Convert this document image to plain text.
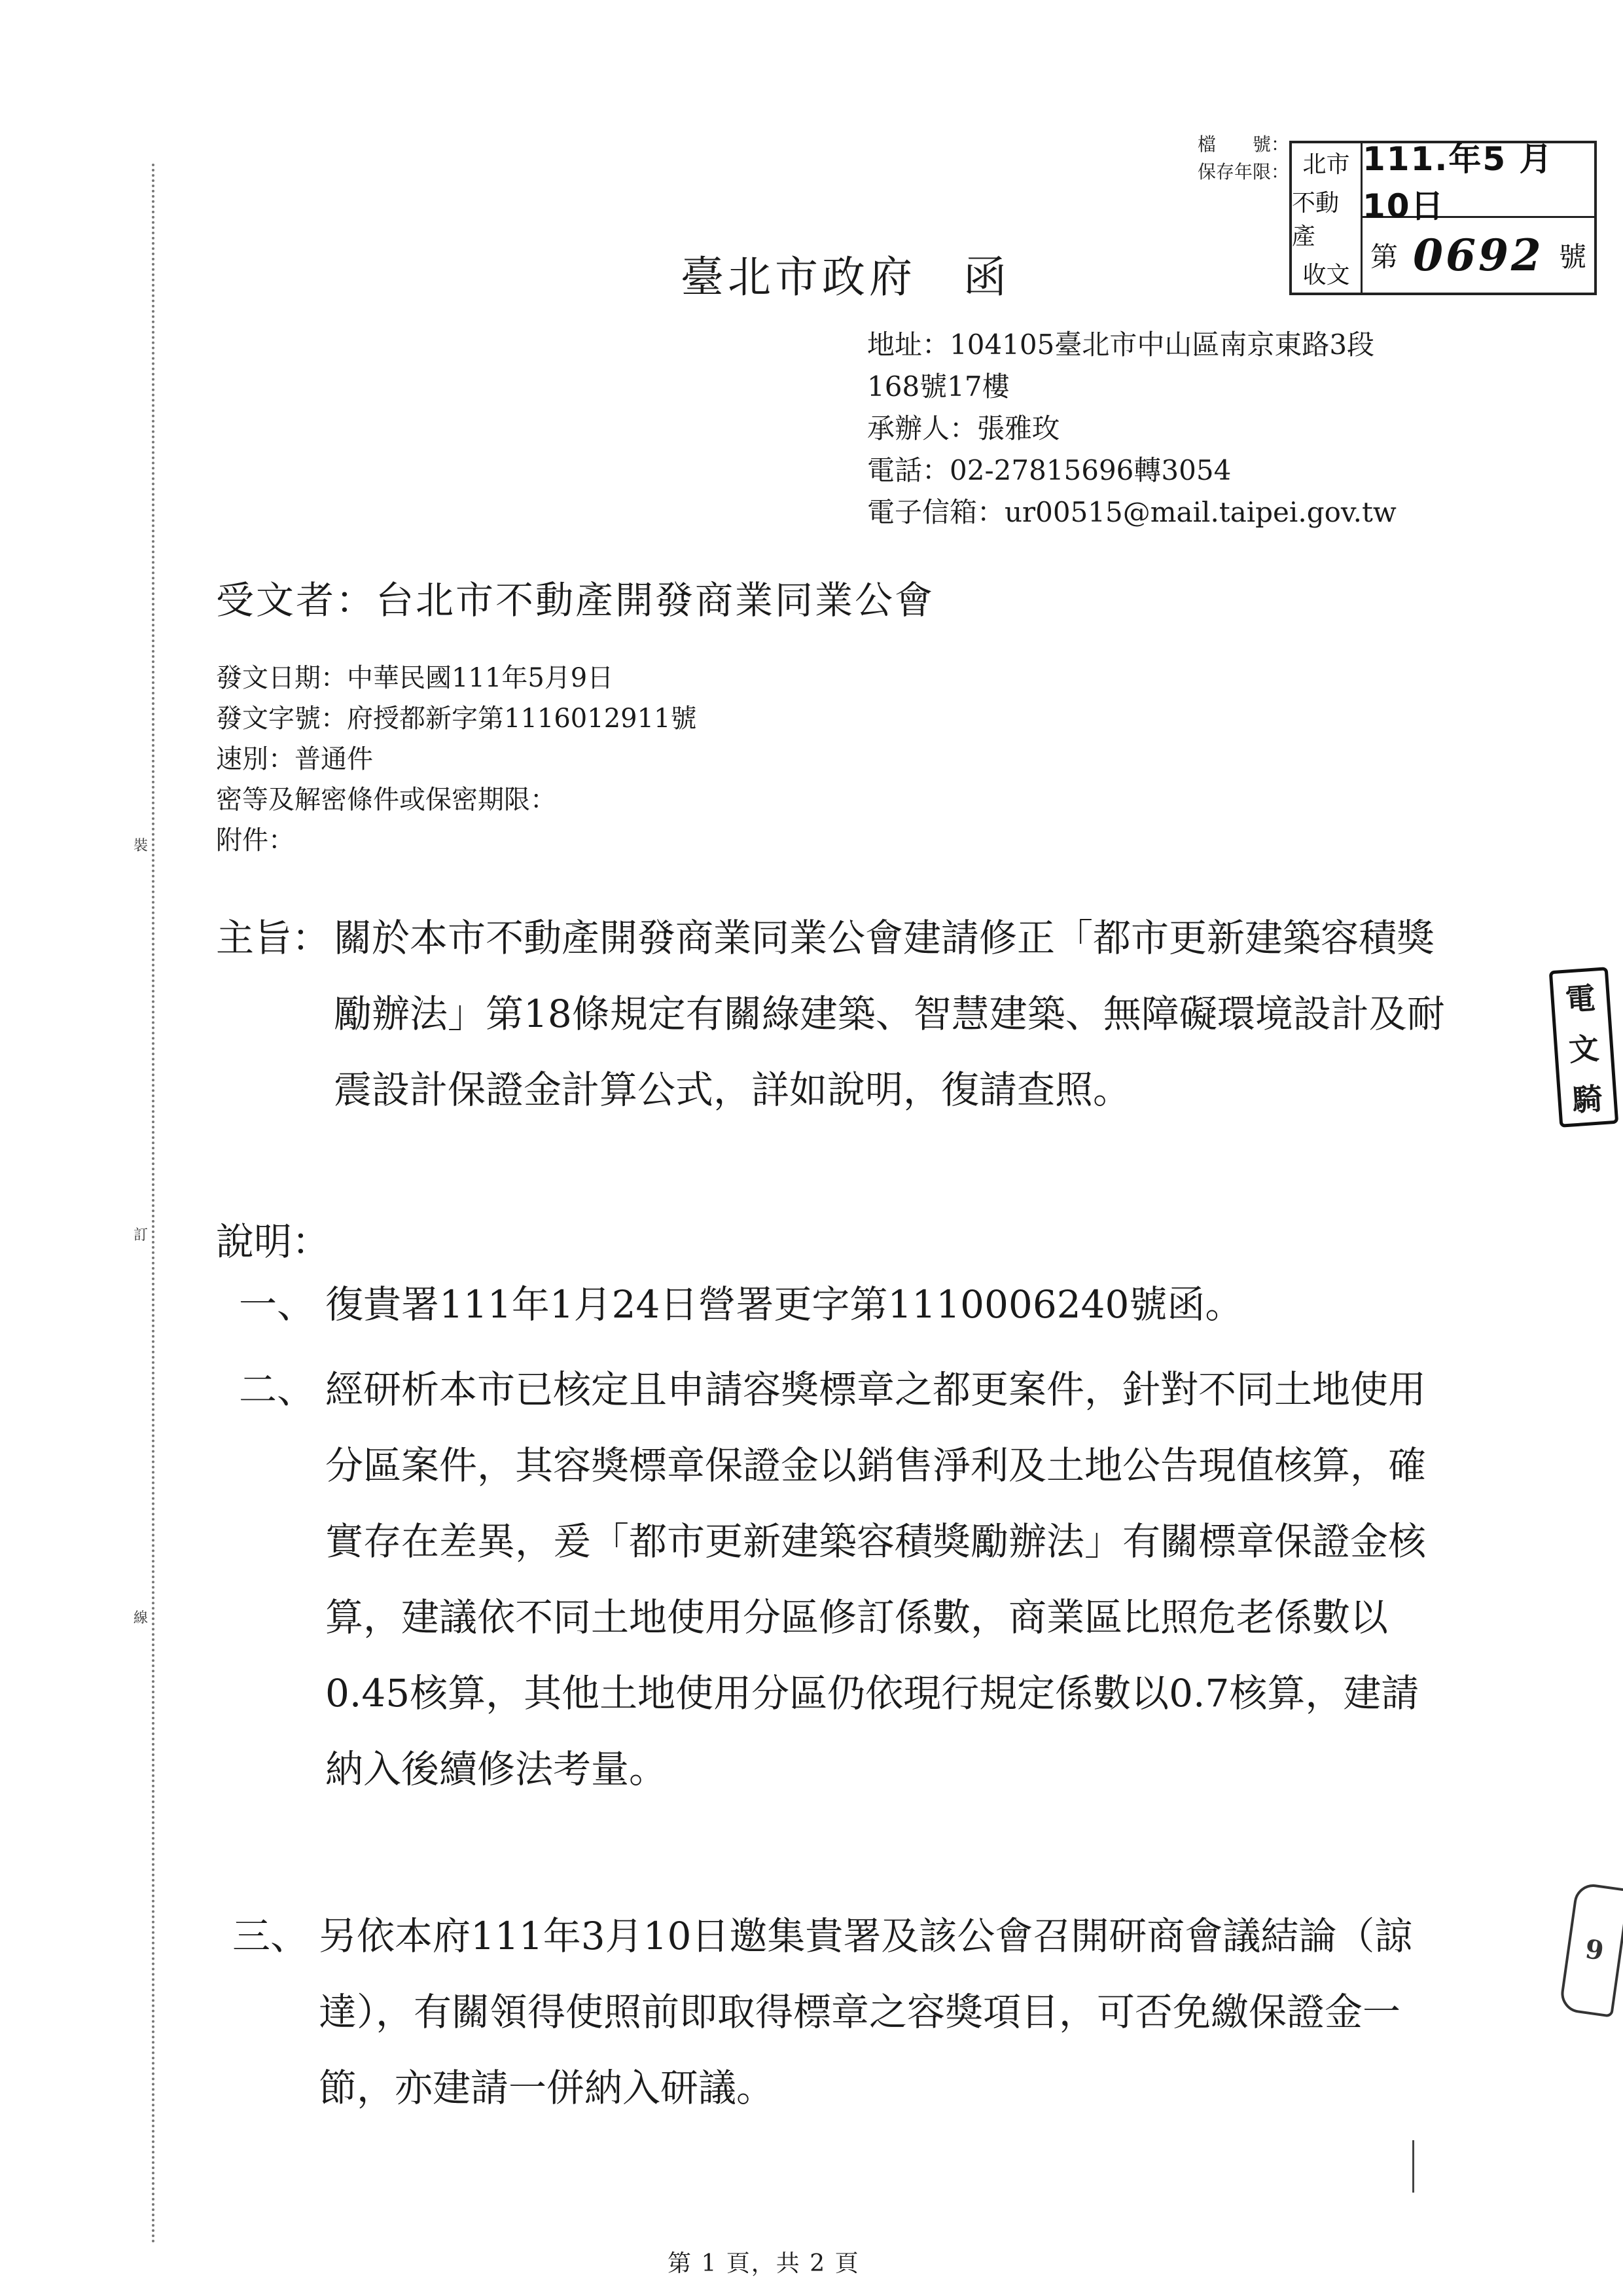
裝
訂
線
檔　　號：
保存年限： 北市
不動產
收文
111.年5 月10日
第 0692 號
臺北市政府　函
地址：104105臺北市中山區南京東路3段
168號17樓
承辦人：張雅玫
電話：02-27815696轉3054
電子信箱：ur00515@mail.taipei.gov.tw
受文者：台北市不動產開發商業同業公會
發文日期：中華民國111年5月9日
發文字號：府授都新字第1116012911號
速別：普通件
密等及解密條件或保密期限：
附件：
主旨： 關於本市不動產開發商業同業公會建請修正「都市更新建築容積獎勵辦法」第18條規定有關綠建築、智慧建築、無障礙環境設計及耐震設計保證金計算公式，詳如說明，復請查照。
說明：
一、 復貴署111年1月24日營署更字第1110006240號函。
二、 經研析本市已核定且申請容獎標章之都更案件，針對不同土地使用分區案件，其容獎標章保證金以銷售淨利及土地公告現值核算，確實存在差異，爰「都市更新建築容積獎勵辦法」有關標章保證金核算，建議依不同土地使用分區修訂係數，商業區比照危老係數以0.45核算，其他土地使用分區仍依現行規定係數以0.7核算，建請納入後續修法考量。
三、 另依本府111年3月10日邀集貴署及該公會召開研商會議結論（諒達），有關領得使照前即取得標章之容獎項目，可否免繳保證金一節，亦建請一併納入研議。
電
文
騎
9
第 1 頁，共 2 頁
